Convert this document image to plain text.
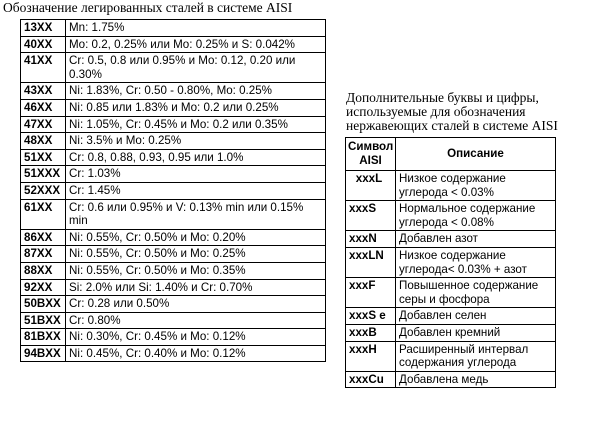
Обозначение легированных сталей в системе AISI
13XX	Mn: 1.75%
40XX	Mo: 0.2, 0.25% или Mo: 0.25% и S: 0.042%
41XX	Cr: 0.5, 0.8 или 0.95% и Mo: 0.12, 0.20 или 0.30%
43XX	Ni: 1.83%, Cr: 0.50 - 0.80%, Mo: 0.25%
46XX	Ni: 0.85 или 1.83% и Mo: 0.2 или 0.25%
47XX	Ni: 1.05%, Cr: 0.45% и Mo: 0.2 или 0.35%
48XX	Ni: 3.5% и Mo: 0.25%
51XX	Cr: 0.8, 0.88, 0.93, 0.95 или 1.0%
51XXX	Cr: 1.03%
52XXX	Cr: 1.45%
61XX	Cr: 0.6 или 0.95% и V: 0.13% min или 0.15% min
86XX	Ni: 0.55%, Cr: 0.50% и Mo: 0.20%
87XX	Ni: 0.55%, Cr: 0.50% и Mo: 0.25%
88XX	Ni: 0.55%, Cr: 0.50% и Mo: 0.35%
92XX	Si: 2.0% или Si: 1.40% и Cr: 0.70%
50BXX	Cr: 0.28 или 0.50%
51BXX	Cr: 0.80%
81BXX	Ni: 0.30%, Cr: 0.45% и Mo: 0.12%
94BXX	Ni: 0.45%, Cr: 0.40% и Mo: 0.12%
Дополнительные буквы и цифры, используемые для обозначения нержавеющих сталей в системе AISI
Символ AISI	Описание
xxxL	Низкое содержание углерода < 0.03%
xxxS	Нормальное содержание углерода < 0.08%
xxxN	Добавлен азот
xxxLN	Низкое содержание углерода< 0.03% + азот
xxxF	Повышенное содержание серы и фосфора
xxxS e	Добавлен селен
xxxB	Добавлен кремний
xxxH	Расширенный интервал содержания углерода
xxxCu	Добавлена медь
